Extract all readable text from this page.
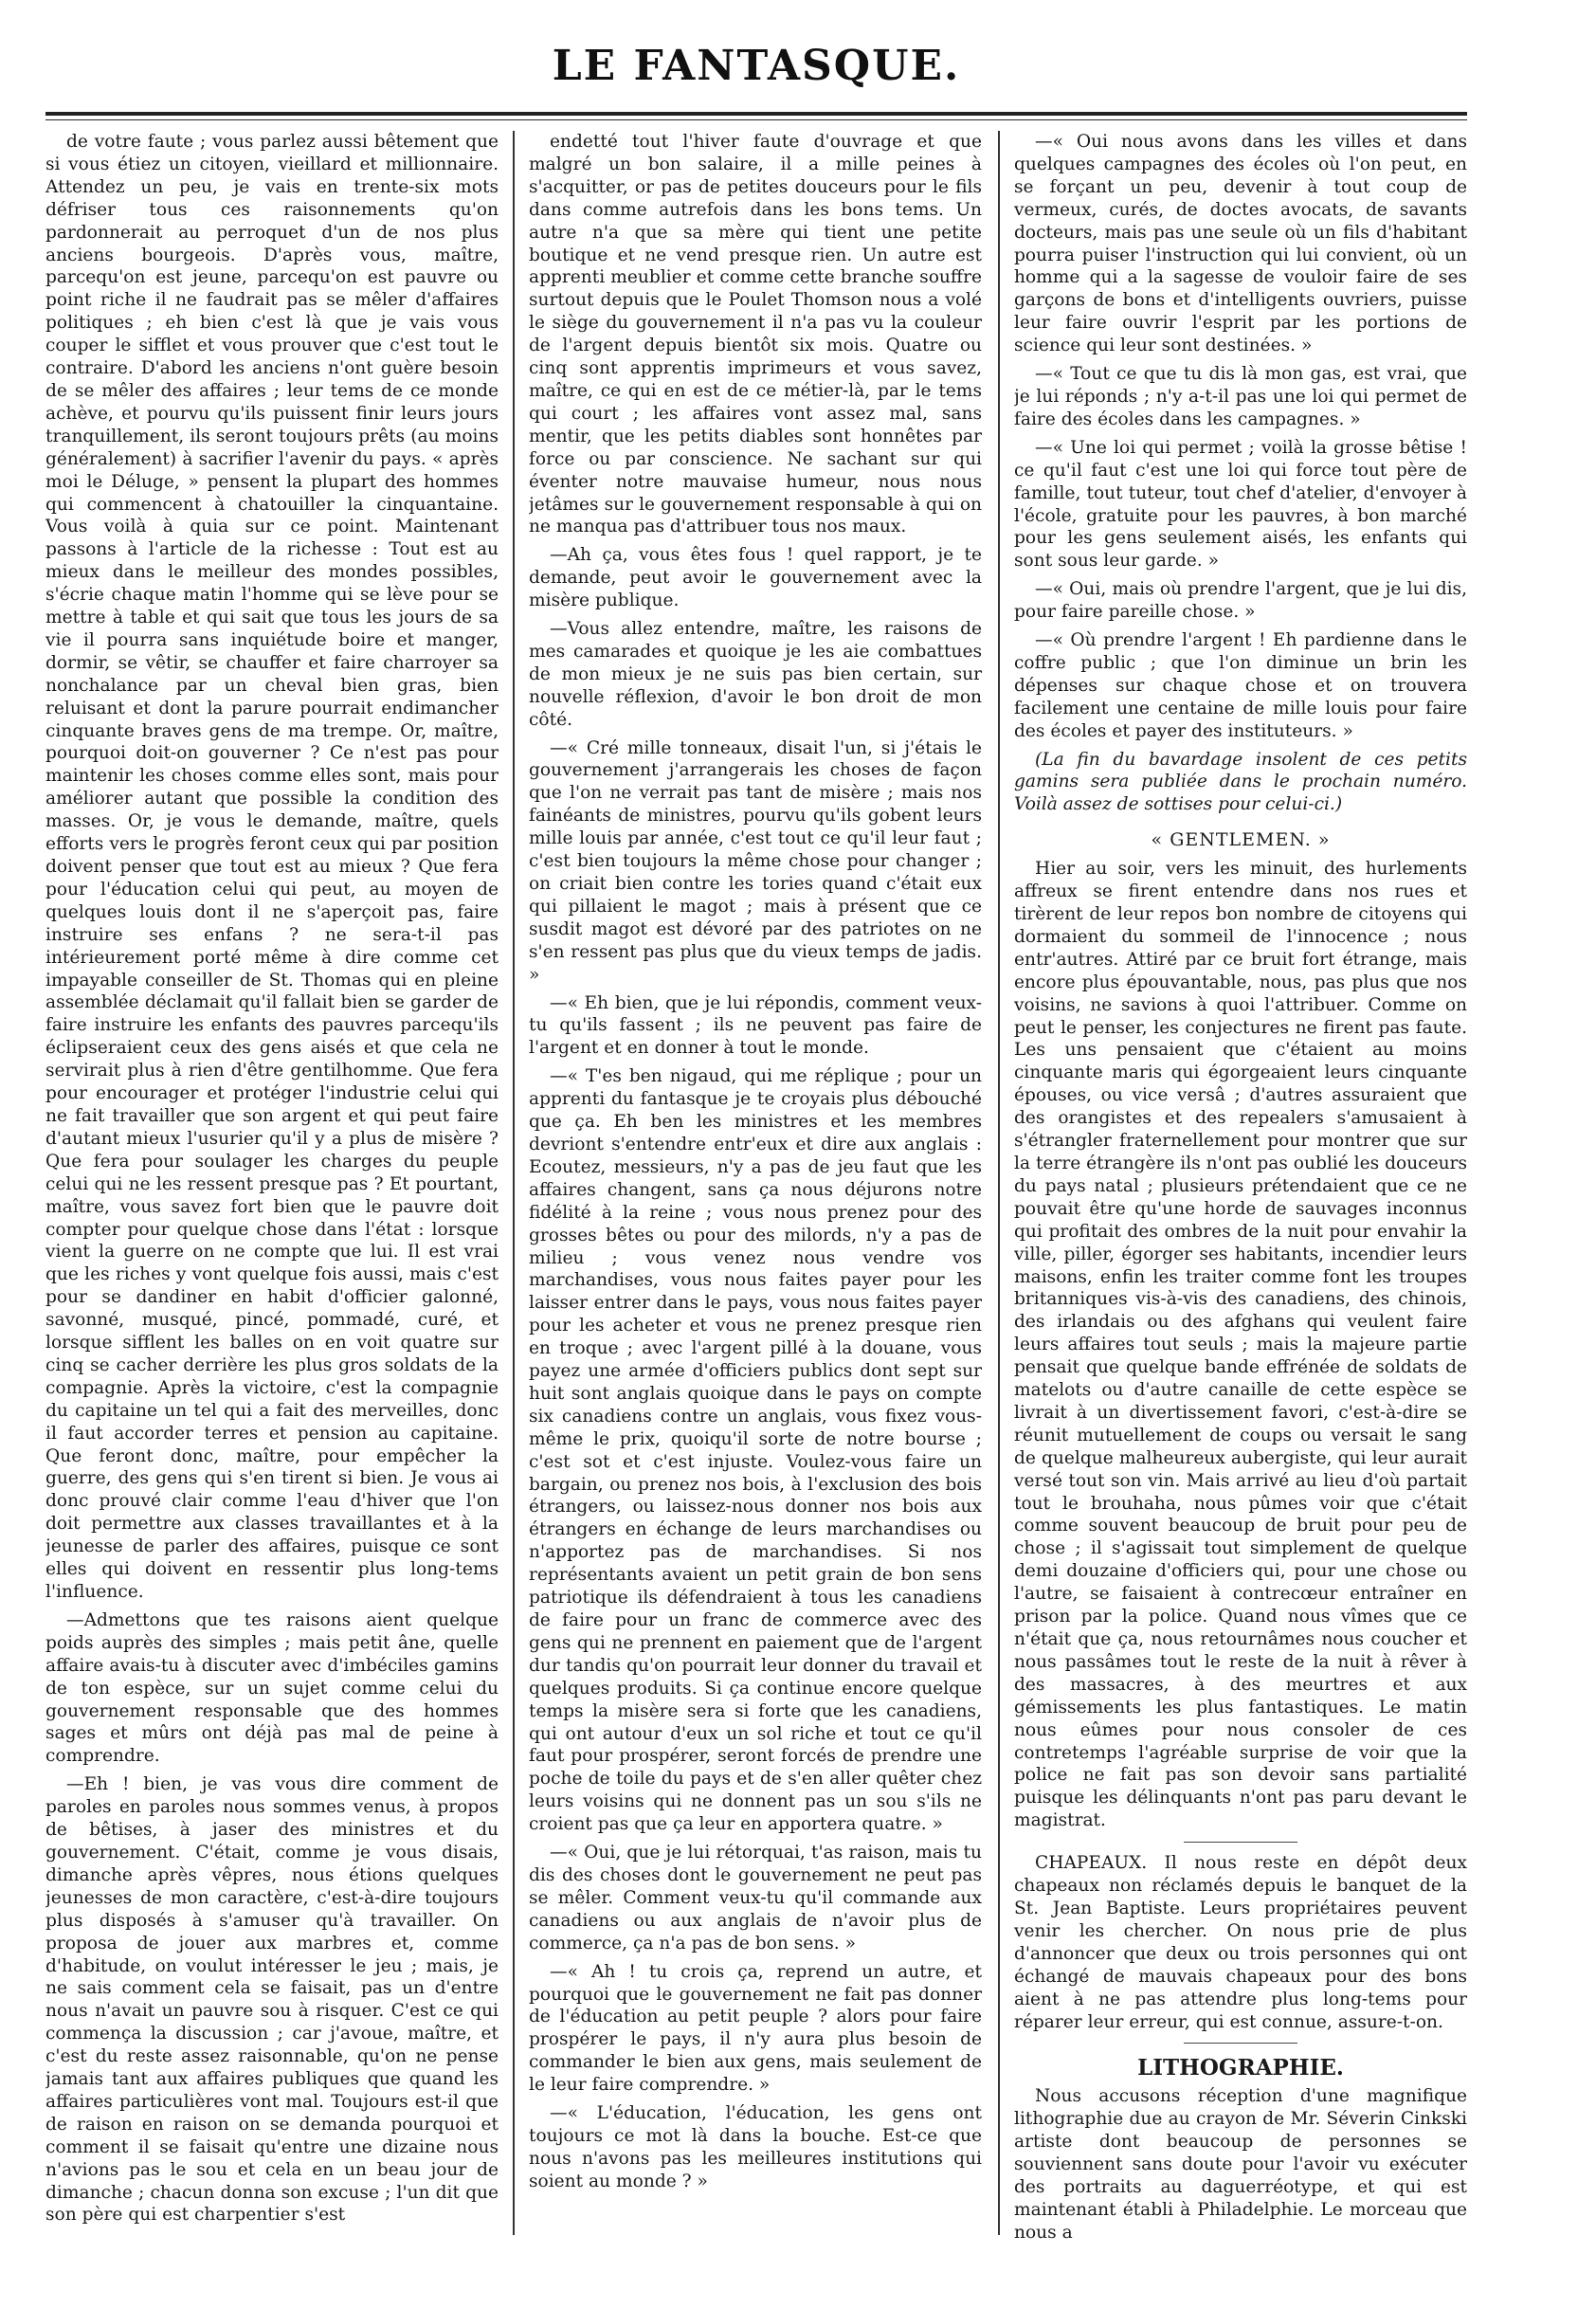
LE FANTASQUE.

de votre faute ; vous parlez aussi bêtement que si vous étiez un citoyen, vieillard et millionnaire. Attendez un peu, je vais en trente-six mots défriser tous ces raisonnements qu'on pardonnerait au perroquet d'un de nos plus anciens bourgeois. D'après vous, maître, parcequ'on est jeune, parcequ'on est pauvre ou point riche il ne faudrait pas se mêler d'affaires politiques ; eh bien c'est là que je vais vous couper le sifflet et vous prouver que c'est tout le contraire. D'abord les anciens n'ont guère besoin de se mêler des affaires ; leur tems de ce monde achève, et pourvu qu'ils puissent finir leurs jours tranquillement, ils seront toujours prêts (au moins généralement) à sacrifier l'avenir du pays. « après moi le Déluge, » pensent la plupart des hommes qui commencent à chatouiller la cinquantaine. Vous voilà à quia sur ce point. Maintenant passons à l'article de la richesse : Tout est au mieux dans le meilleur des mondes possibles, s'écrie chaque matin l'homme qui se lève pour se mettre à table et qui sait que tous les jours de sa vie il pourra sans inquiétude boire et manger, dormir, se vêtir, se chauffer et faire charroyer sa nonchalance par un cheval bien gras, bien reluisant et dont la parure pourrait endimancher cinquante braves gens de ma trempe. Or, maître, pourquoi doit-on gouverner ? Ce n'est pas pour maintenir les choses comme elles sont, mais pour améliorer autant que possible la condition des masses. Or, je vous le demande, maître, quels efforts vers le progrès feront ceux qui par position doivent penser que tout est au mieux ? Que fera pour l'éducation celui qui peut, au moyen de quelques louis dont il ne s'aperçoit pas, faire instruire ses enfans ? ne sera-t-il pas intérieurement porté même à dire comme cet impayable conseiller de St. Thomas qui en pleine assemblée déclamait qu'il fallait bien se garder de faire instruire les enfants des pauvres parcequ'ils éclipseraient ceux des gens aisés et que cela ne servirait plus à rien d'être gentilhomme. Que fera pour encourager et protéger l'industrie celui qui ne fait travailler que son argent et qui peut faire d'autant mieux l'usurier qu'il y a plus de misère ? Que fera pour soulager les charges du peuple celui qui ne les ressent presque pas ? Et pourtant, maître, vous savez fort bien que le pauvre doit compter pour quelque chose dans l'état : lorsque vient la guerre on ne compte que lui. Il est vrai que les riches y vont quelque fois aussi, mais c'est pour se dandiner en habit d'officier galonné, savonné, musqué, pincé, pommadé, curé, et lorsque sifflent les balles on en voit quatre sur cinq se cacher derrière les plus gros soldats de la compagnie. Après la victoire, c'est la compagnie du capitaine un tel qui a fait des merveilles, donc il faut accorder terres et pension au capitaine. Que feront donc, maître, pour empêcher la guerre, des gens qui s'en tirent si bien. Je vous ai donc prouvé clair comme l'eau d'hiver que l'on doit permettre aux classes travaillantes et à la jeunesse de parler des affaires, puisque ce sont elles qui doivent en ressentir plus long-tems l'influence.

—Admettons que tes raisons aient quelque poids auprès des simples ; mais petit âne, quelle affaire avais-tu à discuter avec d'imbéciles gamins de ton espèce, sur un sujet comme celui du gouvernement responsable que des hommes sages et mûrs ont déjà pas mal de peine à comprendre.

—Eh ! bien, je vas vous dire comment de paroles en paroles nous sommes venus, à propos de bêtises, à jaser des ministres et du gouvernement. C'était, comme je vous disais, dimanche après vêpres, nous étions quelques jeunesses de mon caractère, c'est-à-dire toujours plus disposés à s'amuser qu'à travailler. On proposa de jouer aux marbres et, comme d'habitude, on voulut intéresser le jeu ; mais, je ne sais comment cela se faisait, pas un d'entre nous n'avait un pauvre sou à risquer. C'est ce qui commença la discussion ; car j'avoue, maître, et c'est du reste assez raisonnable, qu'on ne pense jamais tant aux affaires publiques que quand les affaires particulières vont mal. Toujours est-il que de raison en raison on se demanda pourquoi et comment il se faisait qu'entre une dizaine nous n'avions pas le sou et cela en un beau jour de dimanche ; chacun donna son excuse ; l'un dit que son père qui est charpentier s'est

endetté tout l'hiver faute d'ouvrage et que malgré un bon salaire, il a mille peines à s'acquitter, or pas de petites douceurs pour le fils dans comme autrefois dans les bons tems. Un autre n'a que sa mère qui tient une petite boutique et ne vend presque rien. Un autre est apprenti meublier et comme cette branche souffre surtout depuis que le Poulet Thomson nous a volé le siège du gouvernement il n'a pas vu la couleur de l'argent depuis bientôt six mois. Quatre ou cinq sont apprentis imprimeurs et vous savez, maître, ce qui en est de ce métier-là, par le tems qui court ; les affaires vont assez mal, sans mentir, que les petits diables sont honnêtes par force ou par conscience. Ne sachant sur qui éventer notre mauvaise humeur, nous nous jetâmes sur le gouvernement responsable à qui on ne manqua pas d'attribuer tous nos maux.

—Ah ça, vous êtes fous ! quel rapport, je te demande, peut avoir le gouvernement avec la misère publique.

—Vous allez entendre, maître, les raisons de mes camarades et quoique je les aie combattues de mon mieux je ne suis pas bien certain, sur nouvelle réflexion, d'avoir le bon droit de mon côté.

—« Cré mille tonneaux, disait l'un, si j'étais le gouvernement j'arrangerais les choses de façon que l'on ne verrait pas tant de misère ; mais nos fainéants de ministres, pourvu qu'ils gobent leurs mille louis par année, c'est tout ce qu'il leur faut ; c'est bien toujours la même chose pour changer ; on criait bien contre les tories quand c'était eux qui pillaient le magot ; mais à présent que ce susdit magot est dévoré par des patriotes on ne s'en ressent pas plus que du vieux temps de jadis. »

—« Eh bien, que je lui répondis, comment veux-tu qu'ils fassent ; ils ne peuvent pas faire de l'argent et en donner à tout le monde.

—« T'es ben nigaud, qui me réplique ; pour un apprenti du fantasque je te croyais plus débouché que ça. Eh ben les ministres et les membres devriont s'entendre entr'eux et dire aux anglais : Ecoutez, messieurs, n'y a pas de jeu faut que les affaires changent, sans ça nous déjurons notre fidélité à la reine ; vous nous prenez pour des grosses bêtes ou pour des milords, n'y a pas de milieu ; vous venez nous vendre vos marchandises, vous nous faites payer pour les laisser entrer dans le pays, vous nous faites payer pour les acheter et vous ne prenez presque rien en troque ; avec l'argent pillé à la douane, vous payez une armée d'officiers publics dont sept sur huit sont anglais quoique dans le pays on compte six canadiens contre un anglais, vous fixez vous-même le prix, quoiqu'il sorte de notre bourse ; c'est sot et c'est injuste. Voulez-vous faire un bargain, ou prenez nos bois, à l'exclusion des bois étrangers, ou laissez-nous donner nos bois aux étrangers en échange de leurs marchandises ou n'apportez pas de marchandises. Si nos représentants avaient un petit grain de bon sens patriotique ils défendraient à tous les canadiens de faire pour un franc de commerce avec des gens qui ne prennent en paiement que de l'argent dur tandis qu'on pourrait leur donner du travail et quelques produits. Si ça continue encore quelque temps la misère sera si forte que les canadiens, qui ont autour d'eux un sol riche et tout ce qu'il faut pour prospérer, seront forcés de prendre une poche de toile du pays et de s'en aller quêter chez leurs voisins qui ne donnent pas un sou s'ils ne croient pas que ça leur en apportera quatre. »

—« Oui, que je lui rétorquai, t'as raison, mais tu dis des choses dont le gouvernement ne peut pas se mêler. Comment veux-tu qu'il commande aux canadiens ou aux anglais de n'avoir plus de commerce, ça n'a pas de bon sens. »

—« Ah ! tu crois ça, reprend un autre, et pourquoi que le gouvernement ne fait pas donner de l'éducation au petit peuple ? alors pour faire prospérer le pays, il n'y aura plus besoin de commander le bien aux gens, mais seulement de le leur faire comprendre. »

—« L'éducation, l'éducation, les gens ont toujours ce mot là dans la bouche. Est-ce que nous n'avons pas les meilleures institutions qui soient au monde ? »

—« Oui nous avons dans les villes et dans quelques campagnes des écoles où l'on peut, en se forçant un peu, devenir à tout coup de vermeux, curés, de doctes avocats, de savants docteurs, mais pas une seule où un fils d'habitant pourra puiser l'instruction qui lui convient, où un homme qui a la sagesse de vouloir faire de ses garçons de bons et d'intelligents ouvriers, puisse leur faire ouvrir l'esprit par les portions de science qui leur sont destinées. »

—« Tout ce que tu dis là mon gas, est vrai, que je lui réponds ; n'y a-t-il pas une loi qui permet de faire des écoles dans les campagnes. »

—« Une loi qui permet ; voilà la grosse bêtise ! ce qu'il faut c'est une loi qui force tout père de famille, tout tuteur, tout chef d'atelier, d'envoyer à l'école, gratuite pour les pauvres, à bon marché pour les gens seulement aisés, les enfants qui sont sous leur garde. »

—« Oui, mais où prendre l'argent, que je lui dis, pour faire pareille chose. »

—« Où prendre l'argent ! Eh pardienne dans le coffre public ; que l'on diminue un brin les dépenses sur chaque chose et on trouvera facilement une centaine de mille louis pour faire des écoles et payer des instituteurs. »

(La fin du bavardage insolent de ces petits gamins sera publiée dans le prochain numéro. Voilà assez de sottises pour celui-ci.)

« GENTLEMEN. »

Hier au soir, vers les minuit, des hurlements affreux se firent entendre dans nos rues et tirèrent de leur repos bon nombre de citoyens qui dormaient du sommeil de l'innocence ; nous entr'autres. Attiré par ce bruit fort étrange, mais encore plus épouvantable, nous, pas plus que nos voisins, ne savions à quoi l'attribuer. Comme on peut le penser, les conjectures ne firent pas faute. Les uns pensaient que c'étaient au moins cinquante maris qui égorgeaient leurs cinquante épouses, ou vice versâ ; d'autres assuraient que des orangistes et des repealers s'amusaient à s'étrangler fraternellement pour montrer que sur la terre étrangère ils n'ont pas oublié les douceurs du pays natal ; plusieurs prétendaient que ce ne pouvait être qu'une horde de sauvages inconnus qui profitait des ombres de la nuit pour envahir la ville, piller, égorger ses habitants, incendier leurs maisons, enfin les traiter comme font les troupes britanniques vis-à-vis des canadiens, des chinois, des irlandais ou des afghans qui veulent faire leurs affaires tout seuls ; mais la majeure partie pensait que quelque bande effrénée de soldats de matelots ou d'autre canaille de cette espèce se livrait à un divertissement favori, c'est-à-dire se réunit mutuellement de coups ou versait le sang de quelque malheureux aubergiste, qui leur aurait versé tout son vin. Mais arrivé au lieu d'où partait tout le brouhaha, nous pûmes voir que c'était comme souvent beaucoup de bruit pour peu de chose ; il s'agissait tout simplement de quelque demi douzaine d'officiers qui, pour une chose ou l'autre, se faisaient à contrecœur entraîner en prison par la police. Quand nous vîmes que ce n'était que ça, nous retournâmes nous coucher et nous passâmes tout le reste de la nuit à rêver à des massacres, à des meurtres et aux gémissements les plus fantastiques. Le matin nous eûmes pour nous consoler de ces contretemps l'agréable surprise de voir que la police ne fait pas son devoir sans partialité puisque les délinquants n'ont pas paru devant le magistrat.

CHAPEAUX. Il nous reste en dépôt deux chapeaux non réclamés depuis le banquet de la St. Jean Baptiste. Leurs propriétaires peuvent venir les chercher. On nous prie de plus d'annoncer que deux ou trois personnes qui ont échangé de mauvais chapeaux pour des bons aient à ne pas attendre plus long-tems pour réparer leur erreur, qui est connue, assure-t-on.

LITHOGRAPHIE.

Nous accusons réception d'une magnifique lithographie due au crayon de Mr. Séverin Cinkski artiste dont beaucoup de personnes se souviennent sans doute pour l'avoir vu exécuter des portraits au daguerréotype, et qui est maintenant établi à Philadelphie. Le morceau que nous a
